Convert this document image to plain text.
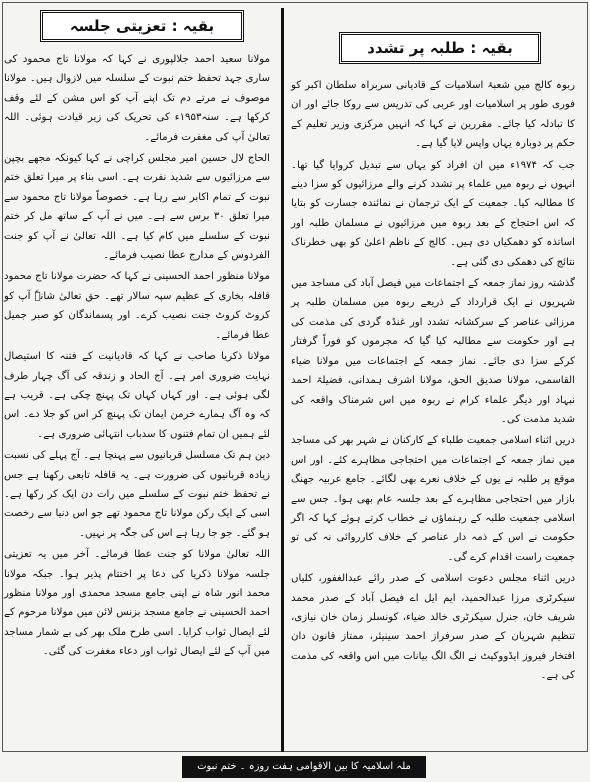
بقیہ : تعزیتی جلسہ

مولانا سعید احمد جلالپوری نے کہا کہ مولانا تاج محمود کی ساری جہد تحفظ ختم نبوت کے سلسلہ میں لازوال ہیں۔ مولانا موصوف نے مرتے دم تک اپنے آپ کو اس مشن کے لئے وقف کرکھا ہے۔ سنہ۱۹۵۳ء کی تحریک کی زیر قیادت ہوئی۔ اللہ تعالیٰ آپ کی مغفرت فرمائے۔

الحاج لال حسین امیر مجلس کراچی نے کہا کیونکہ مجھے بچپن سے مرزائیوں سے شدید نفرت ہے۔ اسی بناء پر میرا تعلق ختم نبوت کے تمام اکابر سے رہا ہے۔ خصوصاً مولانا تاج محمود سے میرا تعلق ۳۰ برس سے ہے۔ میں نے آپ کے ساتھ مل کر ختم نبوت کے سلسلے میں کام کیا ہے۔ اللہ تعالیٰ نے آپ کو جنت الفردوس کے مدارج عطا نصیب فرمائے۔

مولانا منظور احمد الحسینی نے کہا کہ حضرت مولانا تاج محمود قافلہ بخاری کے عظیم سپہ سالار تھے۔ حق تعالیٰ شانہٗ آپ کو کروٹ کروٹ جنت نصیب کرے۔ اور پسماندگان کو صبر جمیل عطا فرمائے۔

مولانا ذکریا صاحب نے کہا کہ قادیانیت کے فتنہ کا استیصال نہایت ضروری امر ہے۔ آج الحاد و زندقہ کی آگ چہار طرف لگی ہوئی ہے۔ اور کہاں کہاں تک پہنچ چکی ہے۔ قریب ہے کہ وہ آگ ہمارے خرمن ایمان تک پہنچ کر اس کو جلا دے۔ اس لئے ہمیں ان تمام فتنوں کا سدباب انتہائی ضروری ہے۔

دین ہم تک مسلسل قربانیوں سے پہنچا ہے۔ آج پہلے کی نسبت زیادہ قربانیوں کی ضرورت ہے۔ یہ قافلہ تابعی رکھنا ہے جس نے تحفظ ختم نبوت کے سلسلے میں رات دن ایک کر رکھا ہے۔ اسی کے ایک رکن مولانا تاج محمود تھے جو اس دنیا سے رخصت ہو گئے۔ جو جا رہا ہے اس کی جگہ پر نہیں۔

اللہ تعالیٰ مولانا کو جنت عطا فرمائے۔ آخر میں یہ تعزیتی جلسہ مولانا ذکریا کی دعا پر اختتام پذیر ہوا۔ جبکہ مولانا محمد انور شاہ نے اپنی جامع مسجد محمدی اور مولانا منظور احمد الحسینی نے جامع مسجد بزنس لائن میں مولانا مرحوم کے لئے ایصال ثواب کرایا۔ اسی طرح ملک بھر کی بے شمار مساجد میں آپ کے لئے ایصال ثواب اور دعاء مغفرت کی گئی۔

بقیہ : طلبہ پر تشدد

ربوہ کالج میں شعبۂ اسلامیات کے قادیانی سربراہ سلطان اکبر کو فوری طور پر اسلامیات اور عربی کی تدریس سے روکا جائے اور ان کا تبادلہ کیا جائے۔ مقررین نے کہا کہ انہیں مرکزی وزیر تعلیم کے حکم پر دوبارہ یہاں واپس لایا گیا ہے۔

جب کہ ۱۹۷۴ء میں ان افراد کو یہاں سے تبدیل کروایا گیا تھا۔ انہوں نے ربوہ میں علماء پر تشدد کرنے والے مرزائیوں کو سزا دینے کا مطالبہ کیا۔ جمعیت کے ایک ترجمان نے نمائندہ جسارت کو بتایا کہ اس احتجاج کے بعد ربوہ میں مرزائیوں نے مسلمان طلبہ اور اساتذہ کو دھمکیاں دی ہیں۔ کالج کے ناظم اعلیٰ کو بھی خطرناک نتائج کی دھمکی دی گئی ہے۔

گذشتہ روز نماز جمعہ کے اجتماعات میں فیصل آباد کی مساجد میں شہریوں نے ایک قرارداد کے ذریعے ربوہ میں مسلمان طلبہ پر مرزائی عناصر کے سرکشانہ تشدد اور غنڈہ گردی کی مذمت کی ہے اور حکومت سے مطالبہ کیا گیا کہ مجرموں کو فوراً گرفتار کرکے سزا دی جائے۔ نماز جمعہ کے اجتماعات میں مولانا ضیاء القاسمی، مولانا صدیق الحق، مولانا اشرف ہمدانی، فضیلۃ احمد نبہاد اور دیگر علماء کرام نے ربوہ میں اس شرمناک واقعہ کی شدید مذمت کی۔

دریں اثناء اسلامی جمعیت طلباء کے کارکنان نے شہر بھر کی مساجد میں نماز جمعہ کے اجتماعات میں احتجاجی مظاہرے کئے۔ اور اس موقع پر طلبہ نے یوں کے خلاف نعرے بھی لگائے۔ جامع عربیہ جھنگ بازار میں احتجاجی مظاہرے کے بعد جلسہ عام بھی ہوا۔ جس سے اسلامی جمعیت طلبہ کے رہنماؤں نے خطاب کرتے ہوئے کہا کہ اگر حکومت نے اس کے ذمہ دار عناصر کے خلاف کارروائی نہ کی تو جمعیت راست اقدام کرے گی۔

دریں اثناء مجلس دعوت اسلامی کے صدر رائے عبدالغفور، کلیاں سیکرٹری مرزا عبدالحمید، ایم ایل اے فیصل آباد کے صدر محمد شریف خان، جنرل سیکرٹری خالد ضیاء، کونسلر زمان خان نیازی، تنظیم شہریان کے صدر سرفراز احمد سینیئر، ممتاز قانون دان افتخار فیروز ایڈووکیٹ نے الگ الگ بیانات میں اس واقعہ کی مذمت کی ہے۔

ملہ اسلامیہ کا بین الاقوامی ہفت روزہ ۔ ختم نبوت
